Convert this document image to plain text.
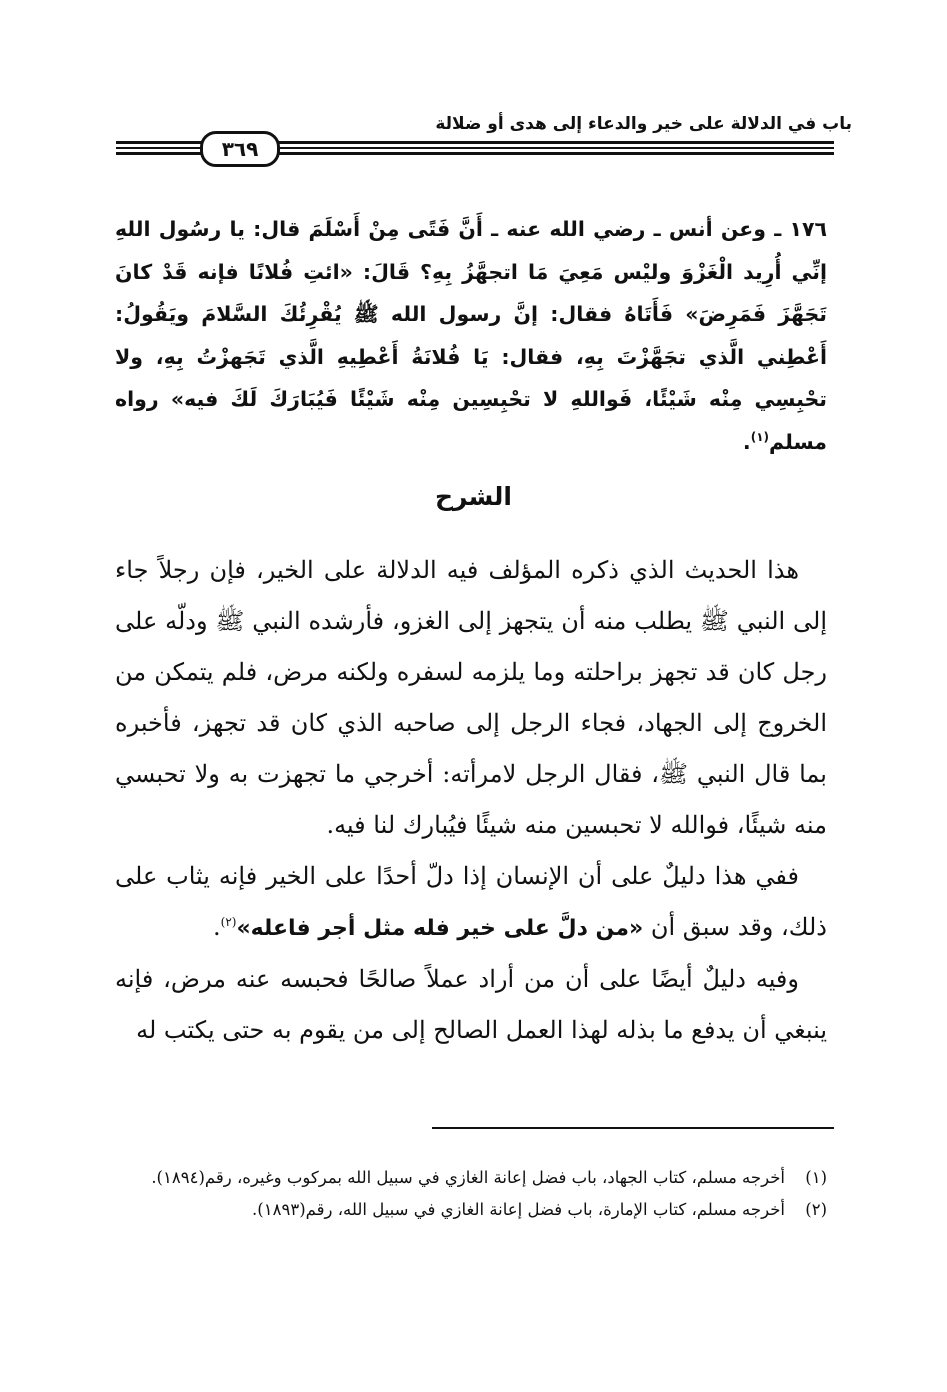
باب في الدلالة على خير والدعاء إلى هدى أو ضلالة
٣٦٩

١٧٦ ـ وعن أنس ـ رضي الله عنه ـ أَنَّ فَتًى مِنْ أَسْلَمَ قال: يا رسُول اللهِ إنِّي أُرِيد الْغَزْوَ وليْس مَعِيَ مَا اتجهَّزُ بِهِ؟ قَالَ: «ائتِ فُلانًا فإنه قَدْ كانَ تَجَهَّزَ فَمَرِضَ» فَأَتَاهُ فقال: إنَّ رسول الله ﷺ يُقْرِئُكَ السَّلامَ ويَقُولُ: أَعْطِني الَّذي تجَهَّزْتَ بِهِ، فقال: يَا فُلانَةُ أَعْطِيهِ الَّذي تَجَهزْتُ بِهِ، ولا تحْبِسِي مِنْه شَيْئًا، فَواللهِ لا تحْبِسِين مِنْه شَيْئًا فَيُبَارَكَ لَكَ فيه» رواه مسلم$^{(١)}$.

الشرح

هذا الحديث الذي ذكره المؤلف فيه الدلالة على الخير، فإن رجلاً جاء إلى النبي ﷺ يطلب منه أن يتجهز إلى الغزو، فأرشده النبي ﷺ ودلّه على رجل كان قد تجهز براحلته وما يلزمه لسفره ولكنه مرض، فلم يتمكن من الخروج إلى الجهاد، فجاء الرجل إلى صاحبه الذي كان قد تجهز، فأخبره بما قال النبي ﷺ، فقال الرجل لامرأته: أخرجي ما تجهزت به ولا تحبسي منه شيئًا، فوالله لا تحبسين منه شيئًا فيُبارك لنا فيه.

ففي هذا دليلٌ على أن الإنسان إذا دلّ أحدًا على الخير فإنه يثاب على ذلك، وقد سبق أن «من دلَّ على خير فله مثل أجر فاعله»$^{(٢)}$.

وفيه دليلٌ أيضًا على أن من أراد عملاً صالحًا فحبسه عنه مرض، فإنه ينبغي أن يدفع ما بذله لهذا العمل الصالح إلى من يقوم به حتى يكتب له

(١)
أخرجه مسلم، كتاب الجهاد، باب فضل إعانة الغازي في سبيل الله بمركوب وغيره، رقم(١٨٩٤).
(٢)
أخرجه مسلم، كتاب الإمارة، باب فضل إعانة الغازي في سبيل الله، رقم(١٨٩٣).
